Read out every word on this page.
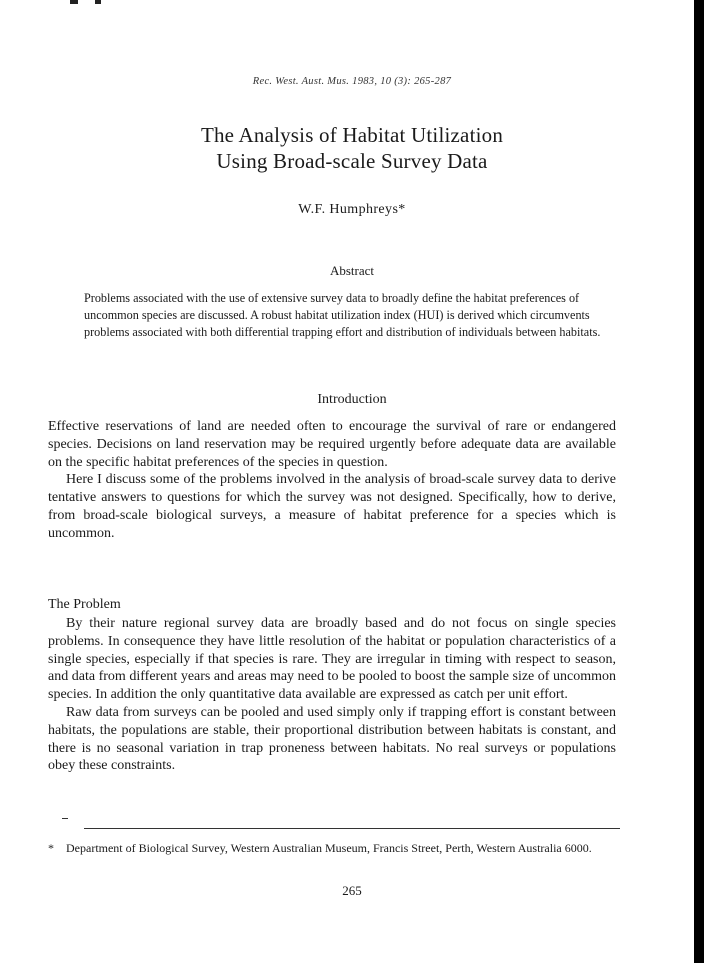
Rec. West. Aust. Mus. 1983, 10 (3): 265-287
The Analysis of Habitat Utilization
Using Broad-scale Survey Data
W.F. Humphreys*
Abstract
Problems associated with the use of extensive survey data to broadly define the habitat preferences of uncommon species are discussed. A robust habitat utilization index (HUI) is derived which circumvents problems associated with both differential trapping effort and distribution of individuals between habitats.
Introduction

Effective reservations of land are needed often to encourage the survival of rare or endangered species. Decisions on land reservation may be required urgently before adequate data are available on the specific habitat preferences of the species in question.

Here I discuss some of the problems involved in the analysis of broad-scale survey data to derive tentative answers to questions for which the survey was not designed. Specifically, how to derive, from broad-scale biological surveys, a measure of habitat preference for a species which is uncommon.

The Problem

By their nature regional survey data are broadly based and do not focus on single species problems. In consequence they have little resolution of the habitat or population characteristics of a single species, especially if that species is rare. They are irregular in timing with respect to season, and data from different years and areas may need to be pooled to boost the sample size of uncommon species. In addition the only quantitative data available are expressed as catch per unit effort.

Raw data from surveys can be pooled and used simply only if trapping effort is constant between habitats, the populations are stable, their proportional distribution between habitats is constant, and there is no seasonal variation in trap proneness between habitats. No real surveys or populations obey these constraints.

* Department of Biological Survey, Western Australian Museum, Francis Street, Perth, Western Australia 6000.
265
